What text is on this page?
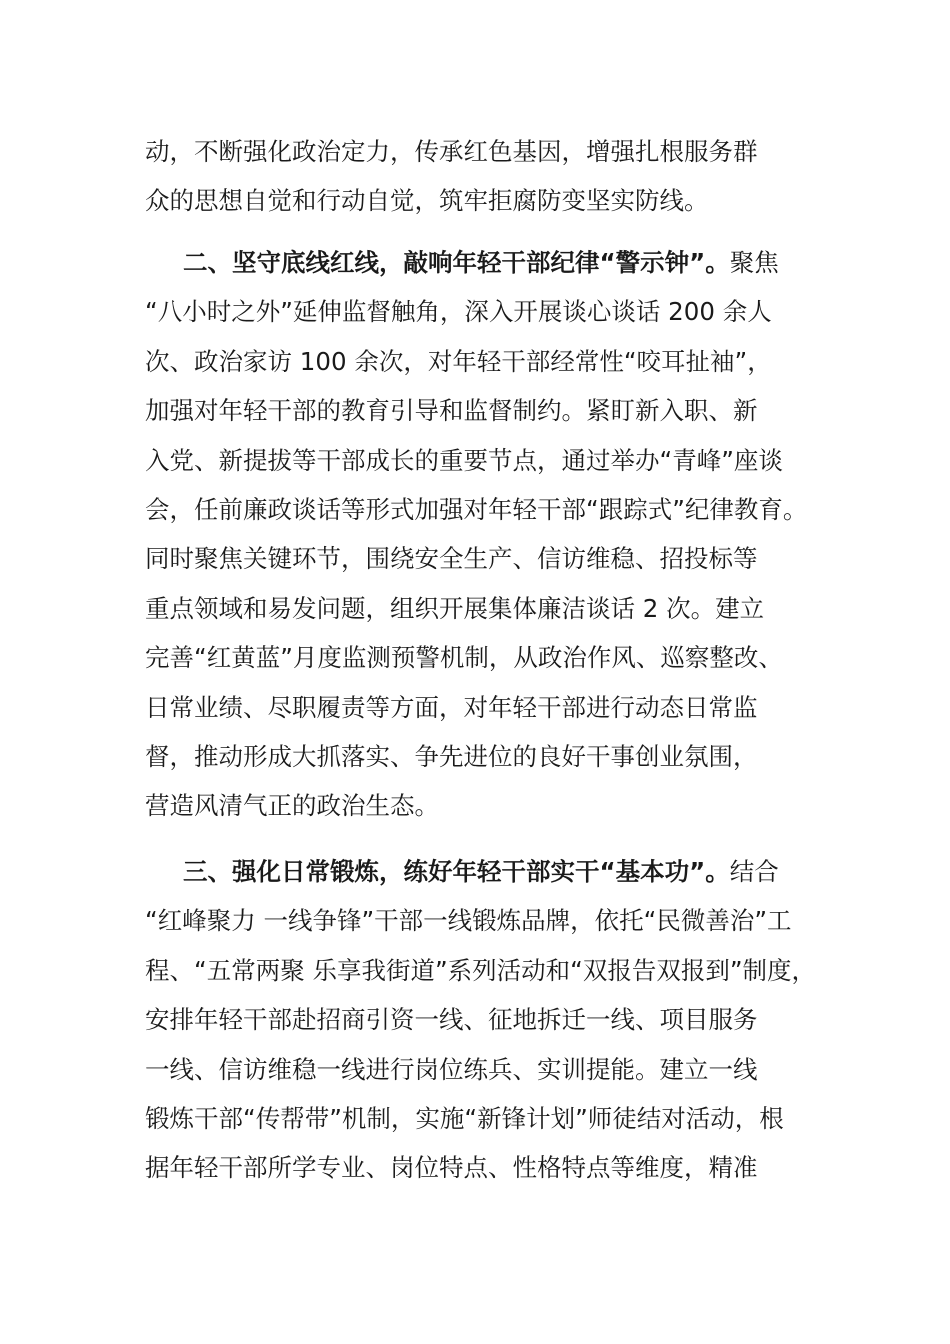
动，不断强化政治定力，传承红色基因，增强扎根服务群
众的思想自觉和行动自觉，筑牢拒腐防变坚实防线。
二、坚守底线红线，敲响年轻干部纪律“警示钟”。聚焦
“八小时之外”延伸监督触角，深入开展谈心谈话 200 余人
次、政治家访 100 余次，对年轻干部经常性“咬耳扯袖”，
加强对年轻干部的教育引导和监督制约。紧盯新入职、新
入党、新提拔等干部成长的重要节点，通过举办“青峰”座谈
会，任前廉政谈话等形式加强对年轻干部“跟踪式”纪律教育。
同时聚焦关键环节，围绕安全生产、信访维稳、招投标等
重点领域和易发问题，组织开展集体廉洁谈话 2 次。建立
完善“红黄蓝”月度监测预警机制，从政治作风、巡察整改、
日常业绩、尽职履责等方面，对年轻干部进行动态日常监
督，推动形成大抓落实、争先进位的良好干事创业氛围，
营造风清气正的政治生态。
三、强化日常锻炼，练好年轻干部实干“基本功”。结合
“红峰聚力 一线争锋”干部一线锻炼品牌，依托“民微善治”工
程、“五常两聚 乐享我街道”系列活动和“双报告双报到”制度，
安排年轻干部赴招商引资一线、征地拆迁一线、项目服务
一线、信访维稳一线进行岗位练兵、实训提能。建立一线
锻炼干部“传帮带”机制，实施“新锋计划”师徒结对活动，根
据年轻干部所学专业、岗位特点、性格特点等维度，精准
